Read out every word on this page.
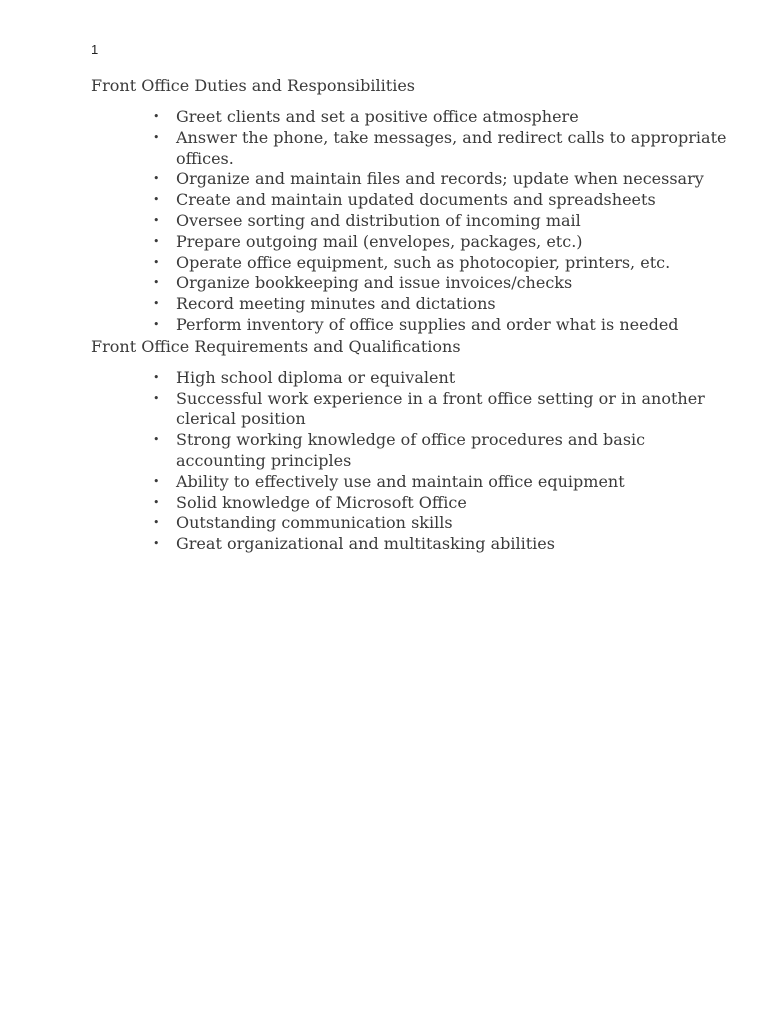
1
Front Office Duties and Responsibilities
• Greet clients and set a positive office atmosphere
• Answer the phone, take messages, and redirect calls to appropriate offices.
• Organize and maintain files and records; update when necessary
• Create and maintain updated documents and spreadsheets
• Oversee sorting and distribution of incoming mail
• Prepare outgoing mail (envelopes, packages, etc.)
• Operate office equipment, such as photocopier, printers, etc.
• Organize bookkeeping and issue invoices/checks
• Record meeting minutes and dictations
• Perform inventory of office supplies and order what is needed
Front Office Requirements and Qualifications
• High school diploma or equivalent
• Successful work experience in a front office setting or in another clerical position
• Strong working knowledge of office procedures and basic accounting principles
• Ability to effectively use and maintain office equipment
• Solid knowledge of Microsoft Office
• Outstanding communication skills
• Great organizational and multitasking abilities
